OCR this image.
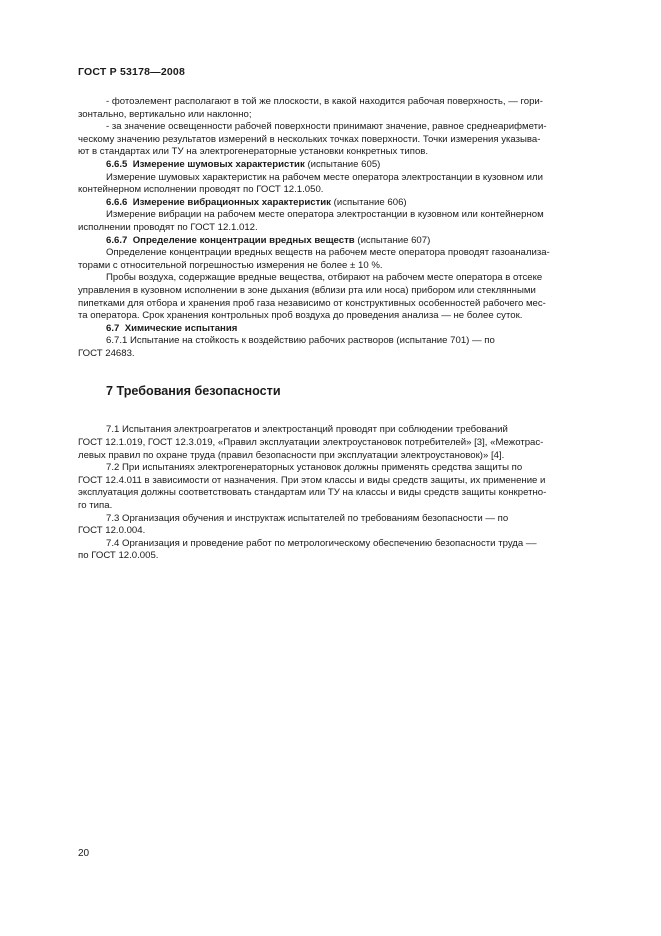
ГОСТ Р 53178—2008

- фотоэлемент располагают в той же плоскости, в какой находится рабочая поверхность, — гори-

зонтально, вертикально или наклонно;

- за значение освещенности рабочей поверхности принимают значение, равное среднеарифмети-

ческому значению результатов измерений в нескольких точках поверхности. Точки измерения указыва-

ют в стандартах или ТУ на электрогенераторные установки конкретных типов.

6.6.5 Измерение шумовых характеристик (испытание 605)

Измерение шумовых характеристик на рабочем месте оператора электростанции в кузовном или

контейнерном исполнении проводят по ГОСТ 12.1.050.

6.6.6 Измерение вибрационных характеристик (испытание 606)

Измерение вибрации на рабочем месте оператора электростанции в кузовном или контейнерном

исполнении проводят по ГОСТ 12.1.012.

6.6.7 Определение концентрации вредных веществ (испытание 607)

Определение концентрации вредных веществ на рабочем месте оператора проводят газоанализа-

торами с относительной погрешностью измерения не более ± 10 %.

Пробы воздуха, содержащие вредные вещества, отбирают на рабочем месте оператора в отсеке

управления в кузовном исполнении в зоне дыхания (вблизи рта или носа) прибором или стеклянными

пипетками для отбора и хранения проб газа независимо от конструктивных особенностей рабочего мес-

та оператора. Срок хранения контрольных проб воздуха до проведения анализа — не более суток.

6.7 Химические испытания

6.7.1 Испытание на стойкость к воздействию рабочих растворов (испытание 701) — по

ГОСТ 24683.

7 Требования безопасности

7.1 Испытания электроагрегатов и электростанций проводят при соблюдении требований

ГОСТ 12.1.019, ГОСТ 12.3.019, «Правил эксплуатации электроустановок потребителей» [3], «Межотрас-

левых правил по охране труда (правил безопасности при эксплуатации электроустановок)» [4].

7.2 При испытаниях электрогенераторных установок должны применять средства защиты по

ГОСТ 12.4.011 в зависимости от назначения. При этом классы и виды средств защиты, их применение и

эксплуатация должны соответствовать стандартам или ТУ на классы и виды средств защиты конкретно-

го типа.

7.3 Организация обучения и инструктаж испытателей по требованиям безопасности — по

ГОСТ 12.0.004.

7.4 Организация и проведение работ по метрологическому обеспечению безопасности труда ––

по ГОСТ 12.0.005.

20
